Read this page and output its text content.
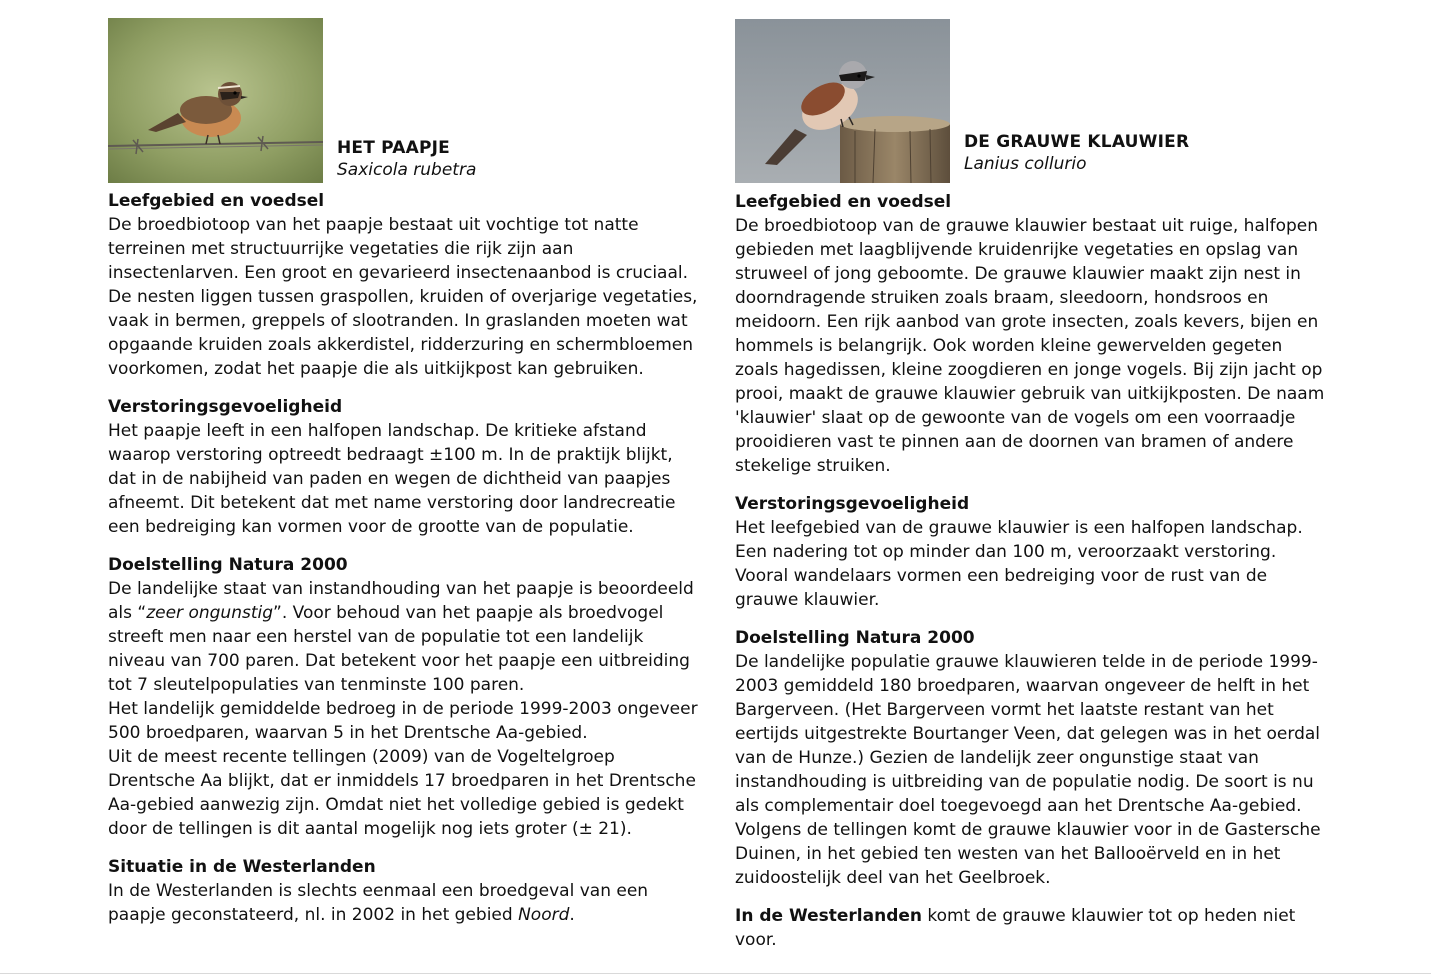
HET PAAPJE
Saxicola rubetra
Leefgebied en voedsel
De broedbiotoop van het paapje bestaat uit vochtige tot natte terreinen met structuurrijke vegetaties die rijk zijn aan insectenlarven. Een groot en gevarieerd insectenaanbod is cruciaal. De nesten liggen tussen graspollen, kruiden of overjarige vegetaties, vaak in bermen, greppels of slootranden. In graslanden moeten wat opgaande kruiden zoals akkerdistel, ridderzuring en schermbloemen voorkomen, zodat het paapje die als uitkijkpost kan gebruiken.
Verstoringsgevoeligheid
Het paapje leeft in een halfopen landschap. De kritieke afstand waarop verstoring optreedt bedraagt ±100 m. In de praktijk blijkt, dat in de nabijheid van paden en wegen de dichtheid van paapjes afneemt. Dit betekent dat met name verstoring door landrecreatie een bedreiging kan vormen voor de grootte van de populatie.
Doelstelling Natura 2000

De landelijke staat van instandhouding van het paapje is beoordeeld als “zeer ongunstig”. Voor behoud van het paapje als broedvogel streeft men naar een herstel van de populatie tot een landelijk niveau van 700 paren. Dat betekent voor het paapje een uitbreiding tot 7 sleutelpopulaties van tenminste 100 paren.

Het landelijk gemiddelde bedroeg in de periode 1999-2003 ongeveer 500 broedparen, waarvan 5 in het Drentsche Aa-gebied.

Uit de meest recente tellingen (2009) van de Vogeltelgroep Drentsche Aa blijkt, dat er inmiddels 17 broedparen in het Drentsche Aa-gebied aanwezig zijn. Omdat niet het volledige gebied is gedekt door de tellingen is dit aantal mogelijk nog iets groter (± 21).

Situatie in de Westerlanden
In de Westerlanden is slechts eenmaal een broedgeval van een paapje geconstateerd, nl. in 2002 in het gebied Noord.
DE GRAUWE KLAUWIER
Lanius collurio
Leefgebied en voedsel
De broedbiotoop van de grauwe klauwier bestaat uit ruige, halfopen gebieden met laagblijvende kruidenrijke vegetaties en opslag van struweel of jong geboomte. De grauwe klauwier maakt zijn nest in doorndragende struiken zoals braam, sleedoorn, hondsroos en meidoorn. Een rijk aanbod van grote insecten, zoals kevers, bijen en hommels is belangrijk. Ook worden kleine gewervelden gegeten zoals hagedissen, kleine zoogdieren en jonge vogels. Bij zijn jacht op prooi, maakt de grauwe klauwier gebruik van uitkijkposten. De naam 'klauwier' slaat op de gewoonte van de vogels om een voorraadje prooidieren vast te pinnen aan de doornen van bramen of andere stekelige struiken.
Verstoringsgevoeligheid
Het leefgebied van de grauwe klauwier is een halfopen landschap. Een nadering tot op minder dan 100 m, veroorzaakt verstoring. Vooral wandelaars vormen een bedreiging voor de rust van de grauwe klauwier.
Doelstelling Natura 2000
De landelijke populatie grauwe klauwieren telde in de periode 1999-2003 gemiddeld 180 broedparen, waarvan ongeveer de helft in het Bargerveen. (Het Bargerveen vormt het laatste restant van het eertijds uitgestrekte Bourtanger Veen, dat gelegen was in het oerdal van de Hunze.) Gezien de landelijk zeer ongunstige staat van instandhouding is uitbreiding van de populatie nodig. De soort is nu als complementair doel toegevoegd aan het Drentsche Aa-gebied. Volgens de tellingen komt de grauwe klauwier voor in de Gastersche Duinen, in het gebied ten westen van het Ballooërveld en in het zuidoostelijk deel van het Geelbroek.
In de Westerlanden komt de grauwe klauwier tot op heden niet voor.
